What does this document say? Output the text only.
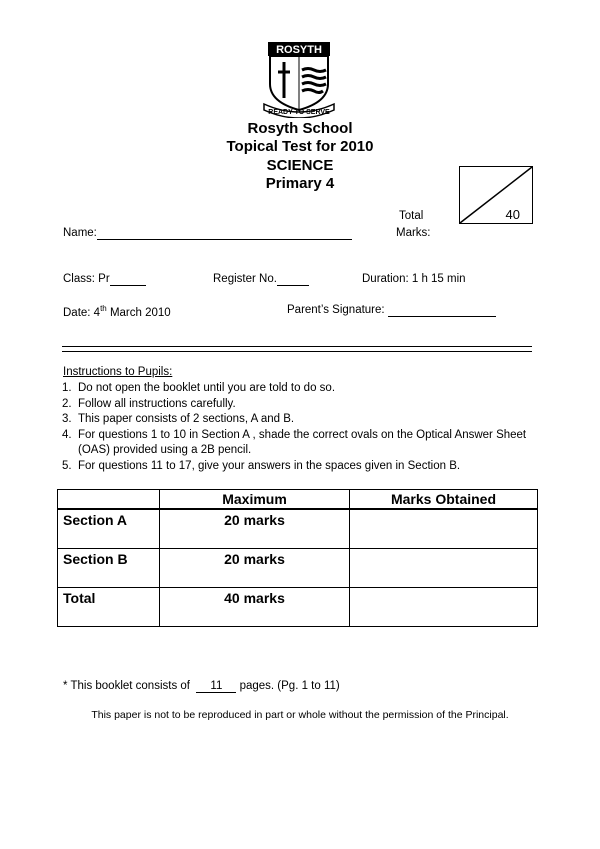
ROSYTH
READY TO SERVE
Rosyth School
Topical Test for 2010
SCIENCE
Primary 4
Total
Marks:
40
Name:
Class: Pr	Register No.	Duration: 1 h 15 min
Date: 4th March 2010	Parent’s Signature:
Instructions to Pupils:
1. Do not open the booklet until you are told to do so.
2. Follow all instructions carefully.
3. This paper consists of 2 sections, A and B.
4. For questions 1 to 10 in Section A , shade the correct ovals on the Optical Answer Sheet (OAS) provided using a 2B pencil.
5. For questions 11 to 17, give your answers in the spaces given in Section B.
	Maximum	Marks Obtained
Section A	20 marks	
Section B	20 marks	
Total	40 marks	
* This booklet consists of  11 pages. (Pg. 1 to 11)
This paper is not to be reproduced in part or whole without the permission of the Principal.
